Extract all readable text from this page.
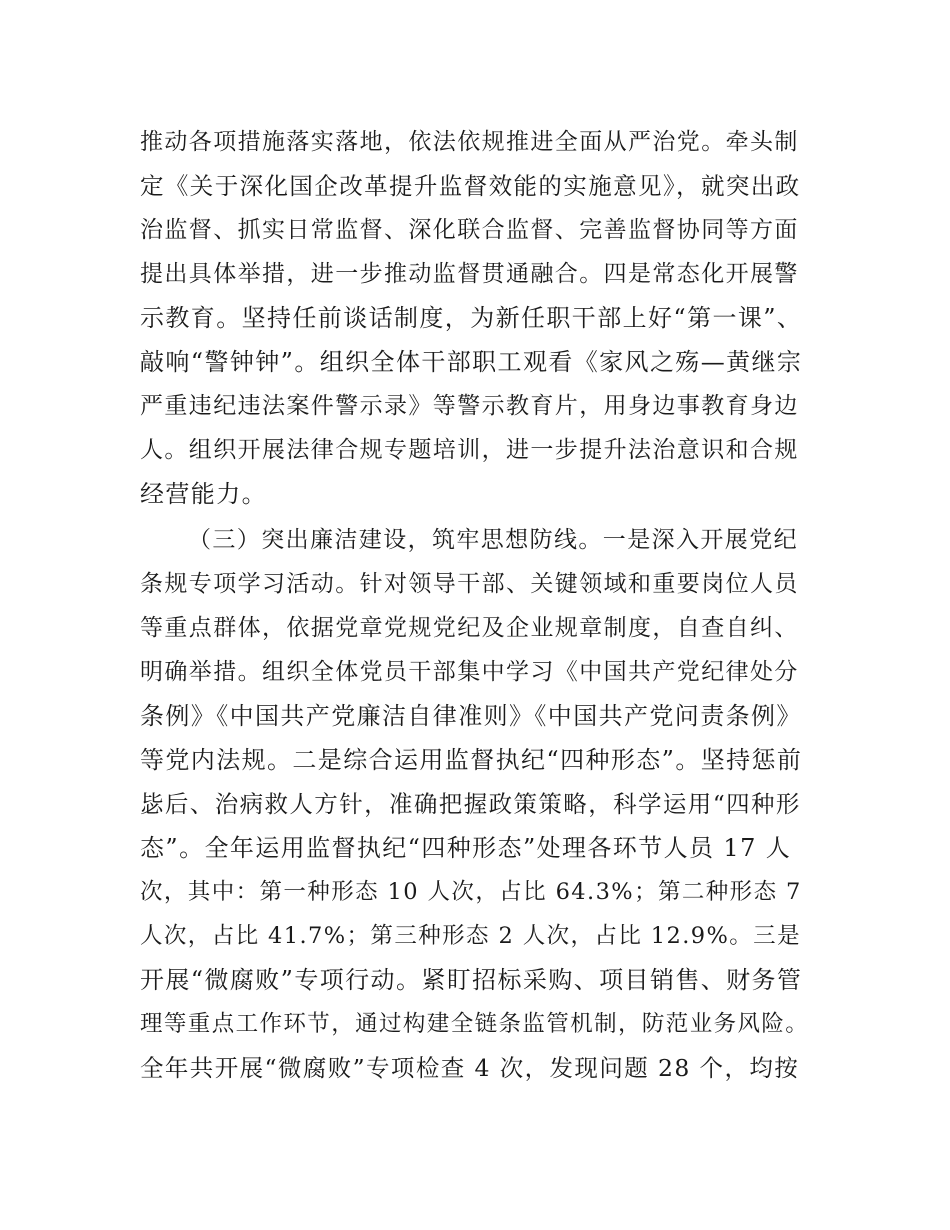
推动各项措施落实落地，依法依规推进全面从严治党。牵头制
定《关于深化国企改革提升监督效能的实施意见》，就突出政
治监督、抓实日常监督、深化联合监督、完善监督协同等方面
提出具体举措，进一步推动监督贯通融合。四是常态化开展警
示教育。坚持任前谈话制度，为新任职干部上好“第一课”、
敲响“警钟钟”。组织全体干部职工观看《家风之殇—黄继宗
严重违纪违法案件警示录》等警示教育片，用身边事教育身边
人。组织开展法律合规专题培训，进一步提升法治意识和合规
经营能力。
（三）突出廉洁建设，筑牢思想防线。一是深入开展党纪
条规专项学习活动。针对领导干部、关键领域和重要岗位人员
等重点群体，依据党章党规党纪及企业规章制度，自查自纠、
明确举措。组织全体党员干部集中学习《中国共产党纪律处分
条例》《中国共产党廉洁自律准则》《中国共产党问责条例》
等党内法规。二是综合运用监督执纪“四种形态”。坚持惩前
毖后、治病救人方针，准确把握政策策略，科学运用“四种形
态”。全年运用监督执纪“四种形态”处理各环节人员 17 人
次，其中：第一种形态 10 人次，占比 64.3%；第二种形态 7
人次，占比 41.7%；第三种形态 2 人次，占比 12.9%。三是
开展“微腐败”专项行动。紧盯招标采购、项目销售、财务管
理等重点工作环节，通过构建全链条监管机制，防范业务风险。
全年共开展“微腐败”专项检查 4 次，发现问题 28 个，均按
